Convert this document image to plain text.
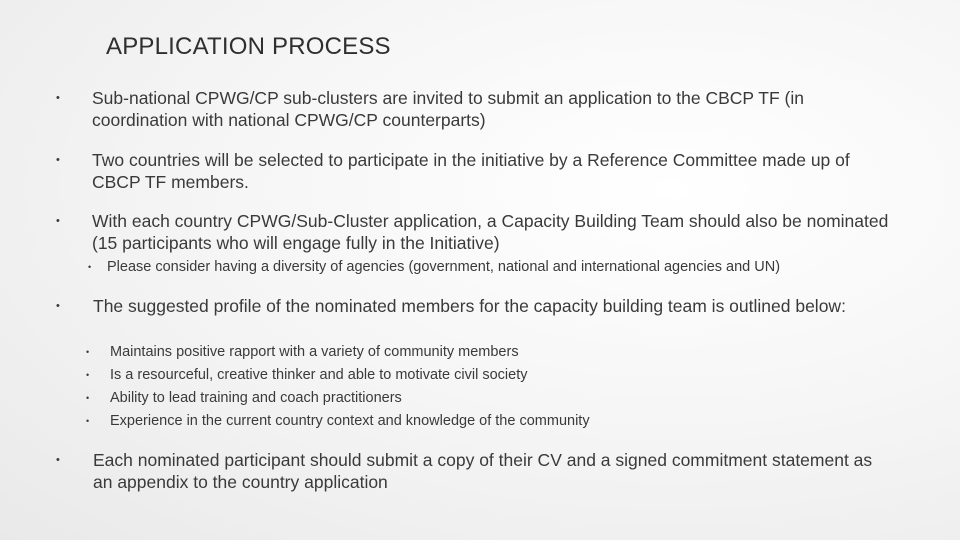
APPLICATION PROCESS
• Sub-national CPWG/CP sub-clusters are invited to submit an application to the CBCP TF (in coordination with national CPWG/CP counterparts)
• Two countries will be selected to participate in the initiative by a Reference Committee made up of CBCP TF members.
• With each country CPWG/Sub-Cluster application, a Capacity Building Team should also be nominated (15 participants who will engage fully in the Initiative)
• Please consider having a diversity of agencies (government, national and international agencies and UN)
• The suggested profile of the nominated members for the capacity building team is outlined below:
• Maintains positive rapport with a variety of community members
• Is a resourceful, creative thinker and able to motivate civil society
• Ability to lead training and coach practitioners
• Experience in the current country context and knowledge of the community
• Each nominated participant should submit a copy of their CV and a signed commitment statement as an appendix to the country application
